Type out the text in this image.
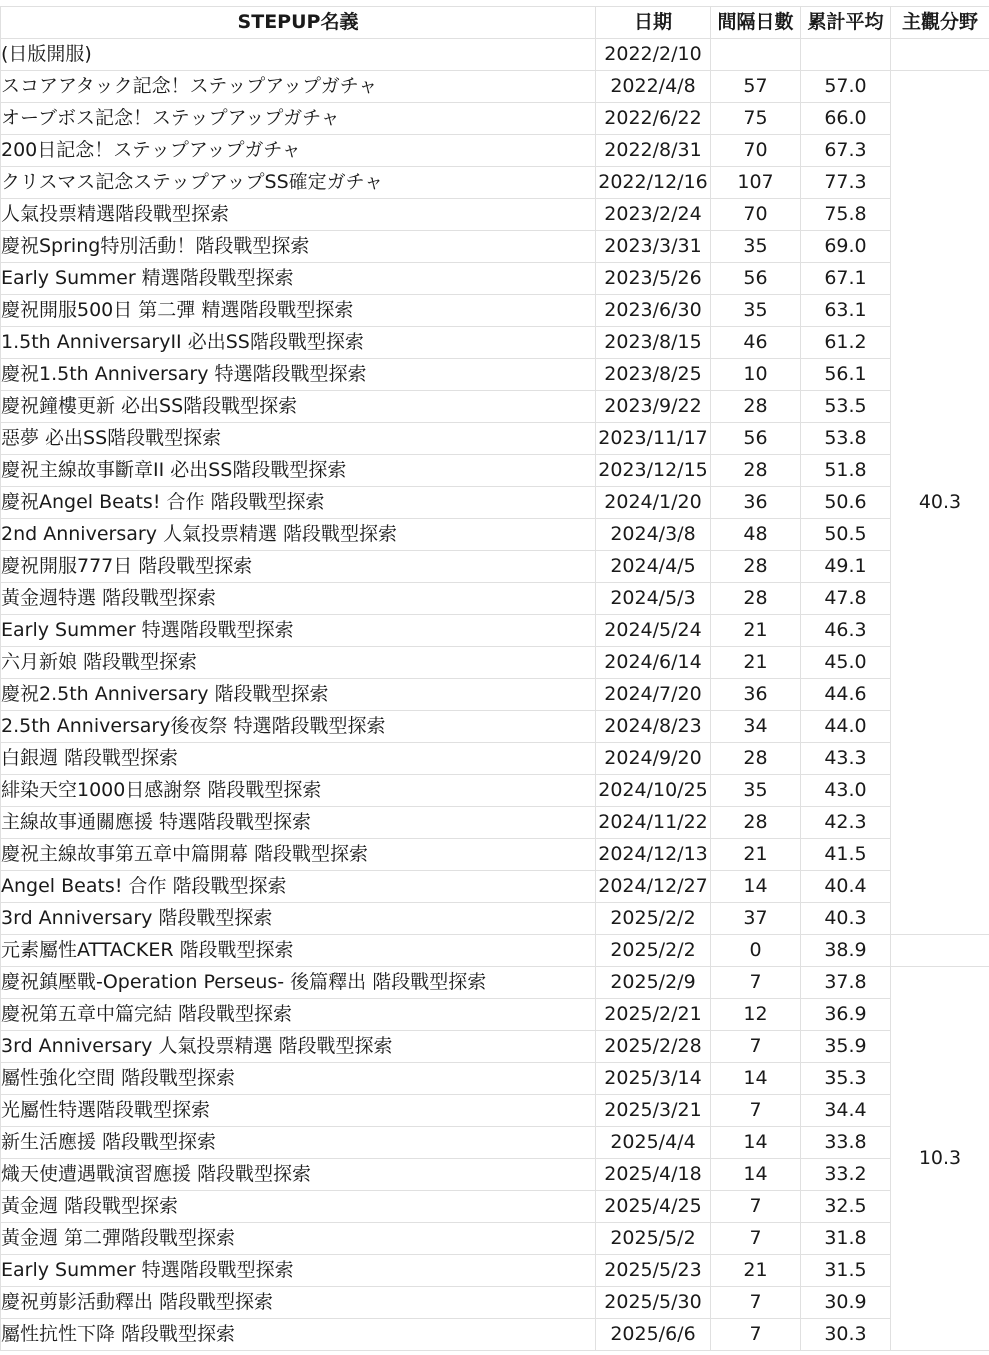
STEPUP名義	日期	間隔日數	累計平均	主觀分野
(日版開服)	2022/2/10			
スコアアタック記念！ステップアップガチャ	2022/4/8	57	57.0	40.3
オーブボス記念！ステップアップガチャ	2022/6/22	75	66.0	
200日記念！ステップアップガチャ	2022/8/31	70	67.3	
クリスマス記念ステップアップSS確定ガチャ	2022/12/16	107	77.3	
人氣投票精選階段戰型探索	2023/2/24	70	75.8	
慶祝Spring特別活動！階段戰型探索	2023/3/31	35	69.0	
Early Summer 精選階段戰型探索	2023/5/26	56	67.1	
慶祝開服500日 第二彈 精選階段戰型探索	2023/6/30	35	63.1	
1.5th AnniversaryII 必出SS階段戰型探索	2023/8/15	46	61.2	
慶祝1.5th Anniversary 特選階段戰型探索	2023/8/25	10	56.1	
慶祝鐘樓更新 必出SS階段戰型探索	2023/9/22	28	53.5	
惡夢 必出SS階段戰型探索	2023/11/17	56	53.8	
慶祝主線故事斷章II 必出SS階段戰型探索	2023/12/15	28	51.8	
慶祝Angel Beats! 合作 階段戰型探索	2024/1/20	36	50.6	
2nd Anniversary 人氣投票精選 階段戰型探索	2024/3/8	48	50.5	
慶祝開服777日 階段戰型探索	2024/4/5	28	49.1	
黃金週特選 階段戰型探索	2024/5/3	28	47.8	
Early Summer 特選階段戰型探索	2024/5/24	21	46.3	
六月新娘 階段戰型探索	2024/6/14	21	45.0	
慶祝2.5th Anniversary 階段戰型探索	2024/7/20	36	44.6	
2.5th Anniversary後夜祭 特選階段戰型探索	2024/8/23	34	44.0	
白銀週 階段戰型探索	2024/9/20	28	43.3	
緋染天空1000日感謝祭 階段戰型探索	2024/10/25	35	43.0	
主線故事通關應援 特選階段戰型探索	2024/11/22	28	42.3	
慶祝主線故事第五章中篇開幕 階段戰型探索	2024/12/13	21	41.5	
Angel Beats! 合作 階段戰型探索	2024/12/27	14	40.4	
3rd Anniversary 階段戰型探索	2025/2/2	37	40.3	
元素屬性ATTACKER 階段戰型探索	2025/2/2	0	38.9	
慶祝鎮壓戰-Operation Perseus- 後篇釋出 階段戰型探索	2025/2/9	7	37.8	10.3
慶祝第五章中篇完結 階段戰型探索	2025/2/21	12	36.9	
3rd Anniversary 人氣投票精選 階段戰型探索	2025/2/28	7	35.9	
屬性強化空間 階段戰型探索	2025/3/14	14	35.3	
光屬性特選階段戰型探索	2025/3/21	7	34.4	
新生活應援 階段戰型探索	2025/4/4	14	33.8	
熾天使遭遇戰演習應援 階段戰型探索	2025/4/18	14	33.2	
黃金週 階段戰型探索	2025/4/25	7	32.5	
黃金週 第二彈階段戰型探索	2025/5/2	7	31.8	
Early Summer 特選階段戰型探索	2025/5/23	21	31.5	
慶祝剪影活動釋出 階段戰型探索	2025/5/30	7	30.9	
屬性抗性下降 階段戰型探索	2025/6/6	7	30.3	
